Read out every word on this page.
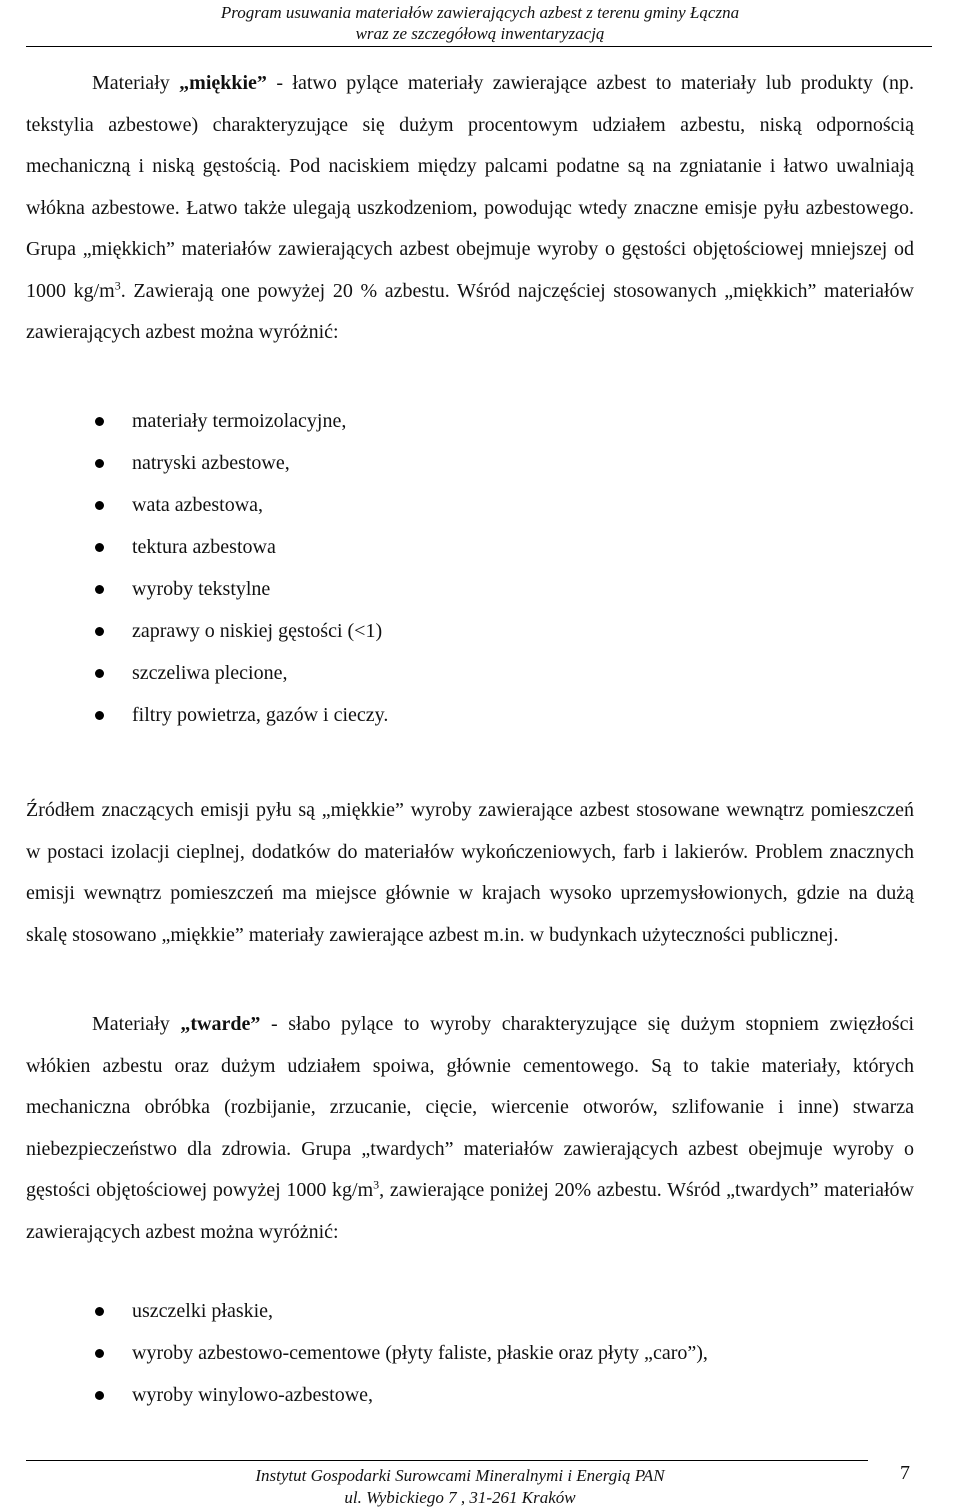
Program usuwania materiałów zawierających azbest z terenu gminy Łączna
wraz ze szczegółową inwentaryzacją

Materiały „miękkie” - łatwo pylące materiały zawierające azbest to materiały lub produkty (np. tekstylia azbestowe) charakteryzujące się dużym procentowym udziałem azbestu, niską odpornością mechaniczną i niską gęstością. Pod naciskiem między palcami podatne są na zgniatanie i łatwo uwalniają włókna azbestowe. Łatwo także ulegają uszkodzeniom, powodując wtedy znaczne emisje pyłu azbestowego. Grupa „miękkich” materiałów zawierających azbest obejmuje wyroby o gęstości objętościowej mniejszej od 1000 $kg/m^3$. Zawierają one powyżej 20 % azbestu. Wśród najczęściej stosowanych „miękkich” materiałów zawierających azbest można wyróżnić:

materiały termoizolacyjne,
natryski azbestowe,
wata azbestowa,
tektura azbestowa
wyroby tekstylne
zaprawy o niskiej gęstości (<1)
szczeliwa plecione,
filtry powietrza, gazów i cieczy.

Źródłem znaczących emisji pyłu są „miękkie” wyroby zawierające azbest stosowane wewnątrz pomieszczeń w postaci izolacji cieplnej, dodatków do materiałów wykończeniowych, farb i lakierów. Problem znacznych emisji wewnątrz pomieszczeń ma miejsce głównie w krajach wysoko uprzemysłowionych, gdzie na dużą skalę stosowano „miękkie” materiały zawierające azbest m.in. w budynkach użyteczności publicznej.

Materiały „twarde” - słabo pylące to wyroby charakteryzujące się dużym stopniem zwięzłości włókien azbestu oraz dużym udziałem spoiwa, głównie cementowego. Są to takie materiały, których mechaniczna obróbka (rozbijanie, zrzucanie, cięcie, wiercenie otworów, szlifowanie i inne) stwarza niebezpieczeństwo dla zdrowia. Grupa „twardych” materiałów zawierających azbest obejmuje wyroby o gęstości objętościowej powyżej 1000 $kg/m^3$, zawierające poniżej 20% azbestu. Wśród „twardych” materiałów zawierających azbest można wyróżnić:

uszczelki płaskie,
wyroby azbestowo-cementowe (płyty faliste, płaskie oraz płyty „caro”),
wyroby winylowo-azbestowe,
Instytut Gospodarki Surowcami Mineralnymi i Energią PAN
ul. Wybickiego 7 , 31-261 Kraków
7
